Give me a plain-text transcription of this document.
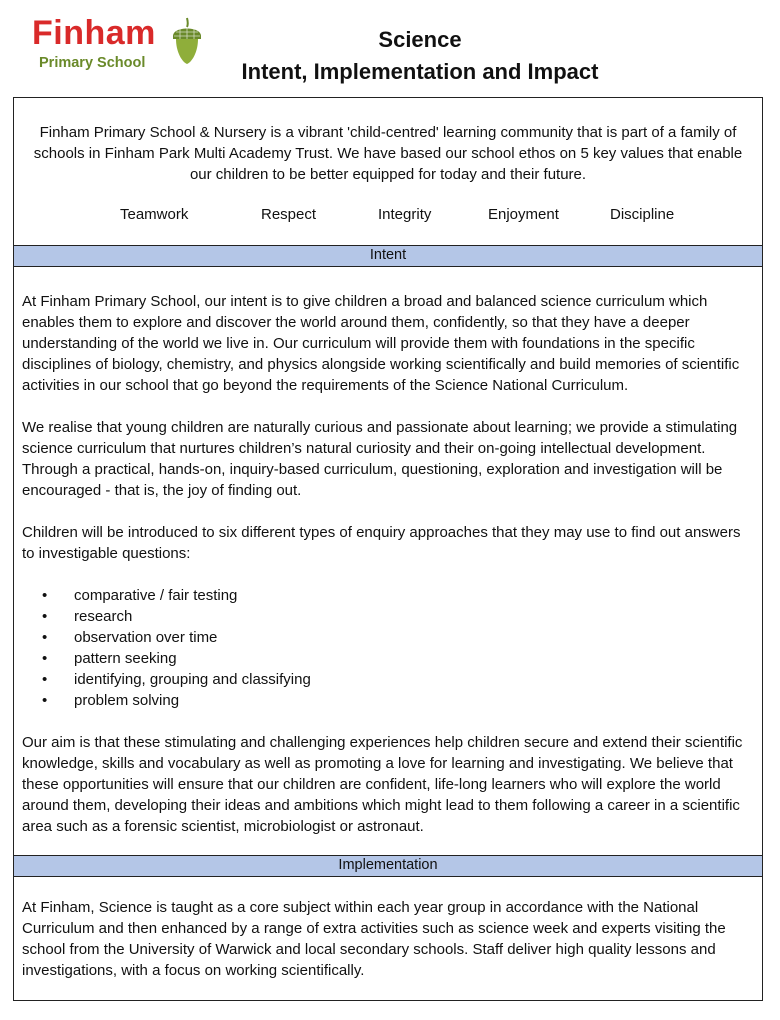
Finham
Primary School
Science
Intent, Implementation and Impact
Finham Primary School & Nursery is a vibrant 'child-centred' learning community that is part of a family of schools in Finham Park Multi Academy Trust. We have based our school ethos on 5 key values that enable our children to be better equipped for today and their future.
Teamwork	Respect	Integrity	Enjoyment	Discipline
Intent

At Finham Primary School, our intent is to give children a broad and balanced science curriculum which enables them to explore and discover the world around them, confidently, so that they have a deeper understanding of the world we live in. Our curriculum will provide them with foundations in the specific disciplines of biology, chemistry, and physics alongside working scientifically and build memories of scientific activities in our school that go beyond the requirements of the Science National Curriculum.

We realise that young children are naturally curious and passionate about learning; we provide a stimulating science curriculum that nurtures children’s natural curiosity and their on-going intellectual development. Through a practical, hands-on, inquiry-based curriculum, questioning, exploration and investigation will be encouraged - that is, the joy of finding out.

Children will be introduced to six different types of enquiry approaches that they may use to find out answers to investigable questions:

• comparative / fair testing
• research
• observation over time
• pattern seeking
• identifying, grouping and classifying
• problem solving

Our aim is that these stimulating and challenging experiences help children secure and extend their scientific knowledge, skills and vocabulary as well as promoting a love for learning and investigating. We believe that these opportunities will ensure that our children are confident, life-long learners who will explore the world around them, developing their ideas and ambitions which might lead to them following a career in a scientific area such as a forensic scientist, microbiologist or astronaut.

Implementation

At Finham, Science is taught as a core subject within each year group in accordance with the National Curriculum and then enhanced by a range of extra activities such as science week and experts visiting the school from the University of Warwick and local secondary schools. Staff deliver high quality lessons and investigations, with a focus on working scientifically.
